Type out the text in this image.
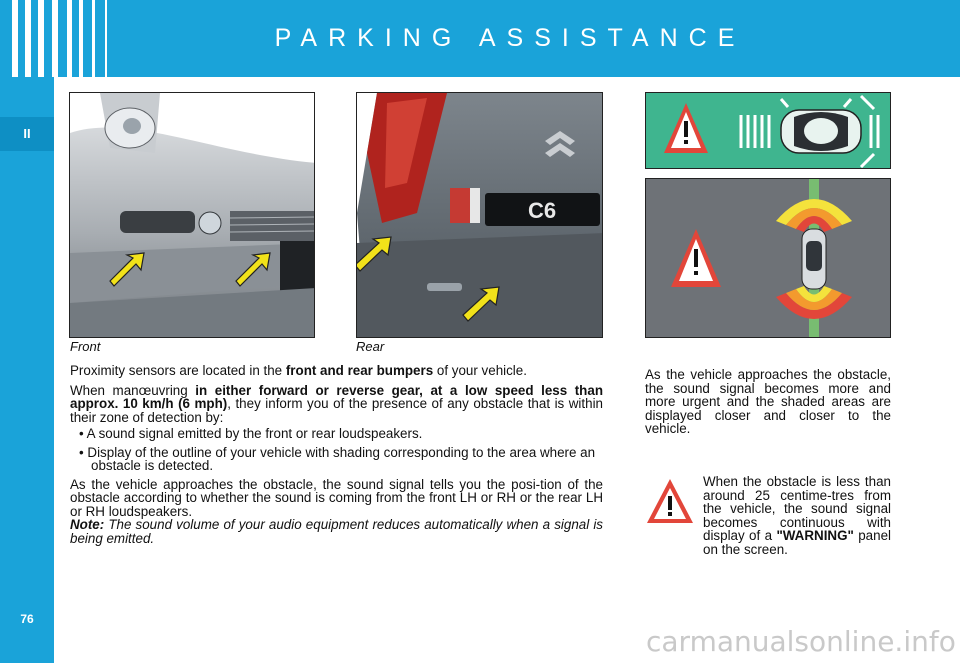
PARKING ASSISTANCE
II
76
Front
C6
Rear

Proximity sensors are located in the front and rear bumpers of your vehicle.

When manœuvring in either forward or reverse gear, at a low speed less than approx. 10 km/h (6 mph), they inform you of the presence of any obstacle that is within their zone of detection by:

• A sound signal emitted by the front or rear loudspeakers.

• Display of the outline of your vehicle with shading corresponding to the area where an obstacle is detected.

As the vehicle approaches the obstacle, the sound signal tells you the posi-tion of the obstacle according to whether the sound is coming from the front LH or RH or the rear LH or RH loudspeakers.
Note: The sound volume of your audio equipment reduces automatically when a signal is being emitted.

As the vehicle approaches the obstacle, the sound signal becomes more and more urgent and the shaded areas are displayed closer and closer to the vehicle.
When the obstacle is less than around 25 centime-tres from the vehicle, the sound signal becomes continuous with display of a "WARNING" panel on the screen.
carmanualsonline.info
